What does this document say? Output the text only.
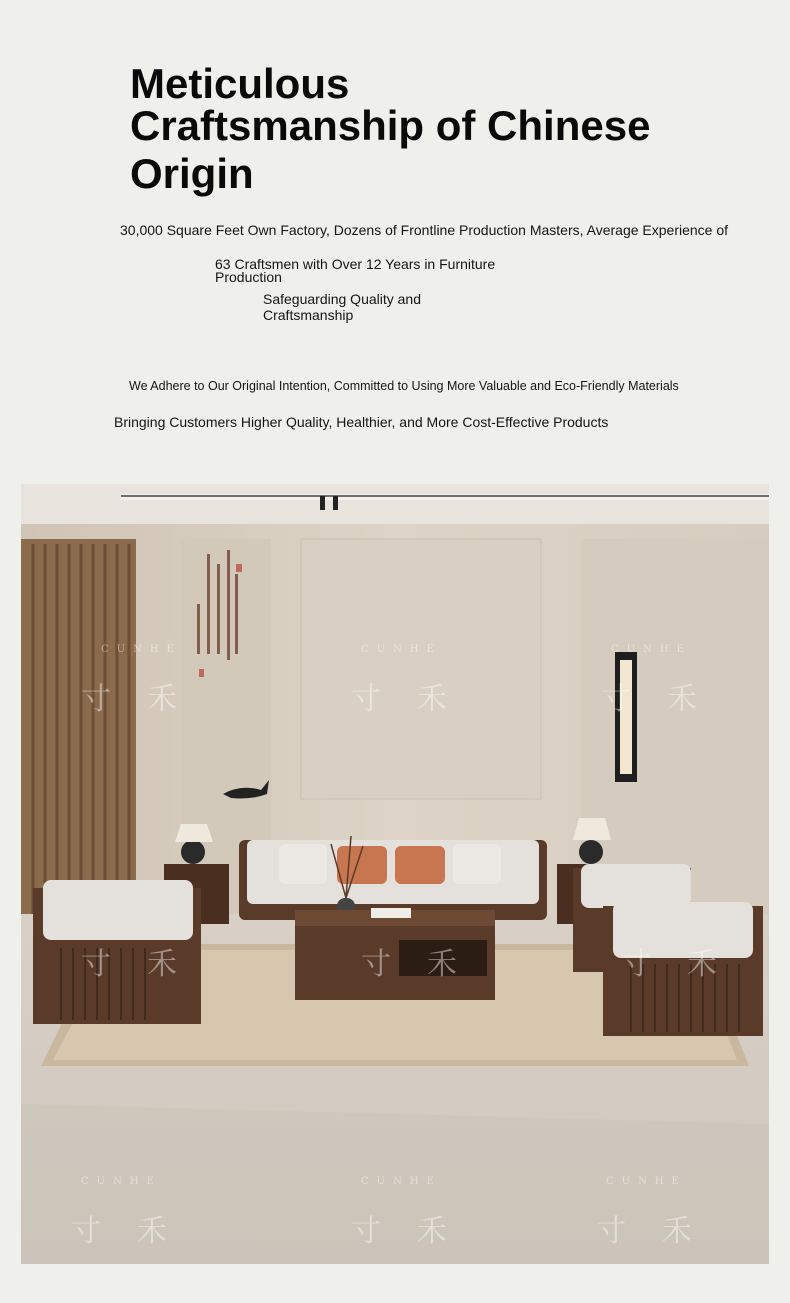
Meticulous
Craftsmanship of Chinese
Origin

30,000 Square Feet Own Factory, Dozens of Frontline Production Masters, Average Experience of

63 Craftsmen with Over 12 Years in Furniture Production

Safeguarding Quality and Craftsmanship

We Adhere to Our Original Intention, Committed to Using More Valuable and Eco-Friendly Materials

Bringing Customers Higher Quality, Healthier, and More Cost-Effective Products

CUNHE
寸禾
CUNHE
寸禾
CUNHE
寸禾
寸禾	寸禾	寸禾
CUNHE
寸禾
CUNHE
寸禾
CUNHE
寸禾
